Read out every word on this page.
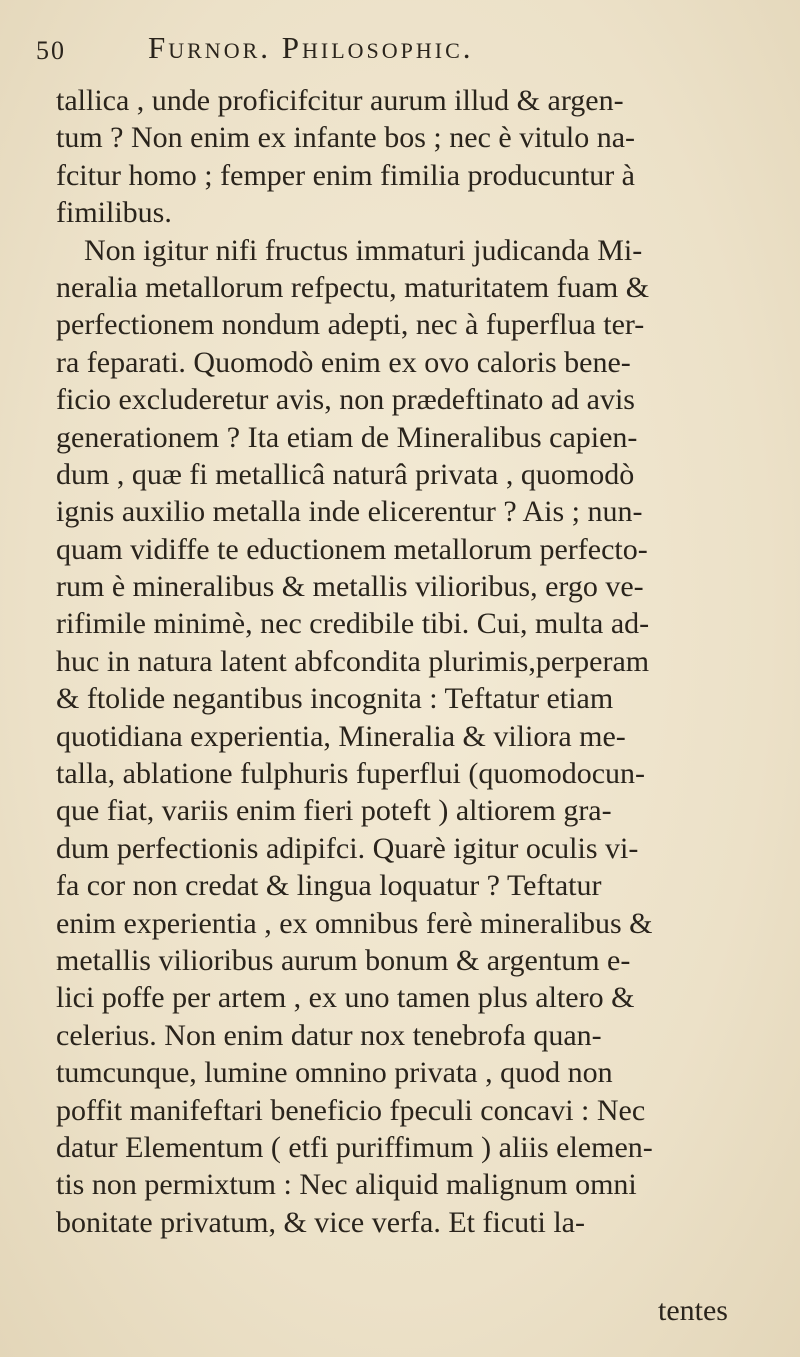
50	Furnor. Philosophic.
tallica , unde proficifcitur aurum illud & argen-
tum ? Non enim ex infante bos ; nec è vitulo na-
fcitur homo ; femper enim fimilia producuntur à
fimilibus.
Non igitur nifi fructus immaturi judicanda Mi-
neralia metallorum refpectu, maturitatem fuam &
perfectionem nondum adepti, nec à fuperflua ter-
ra feparati. Quomodò enim ex ovo caloris bene-
ficio excluderetur avis, non prædeftinato ad avis
generationem ? Ita etiam de Mineralibus capien-
dum , quæ fi metallicâ naturâ privata , quomodò
ignis auxilio metalla inde elicerentur ? Ais ; nun-
quam vidiffe te eductionem metallorum perfecto-
rum è mineralibus & metallis vilioribus, ergo ve-
rifimile minimè, nec credibile tibi. Cui, multa ad-
huc in natura latent abfcondita plurimis,perperam
& ftolide negantibus incognita : Teftatur etiam
quotidiana experientia, Mineralia & viliora me-
talla, ablatione fulphuris fuperflui (quomodocun-
que fiat, variis enim fieri poteft ) altiorem gra-
dum perfectionis adipifci. Quarè igitur oculis vi-
fa cor non credat & lingua loquatur ? Teftatur
enim experientia , ex omnibus ferè mineralibus &
metallis vilioribus aurum bonum & argentum e-
lici poffe per artem , ex uno tamen plus altero &
celerius. Non enim datur nox tenebrofa quan-
tumcunque, lumine omnino privata , quod non
poffit manifeftari beneficio fpeculi concavi : Nec
datur Elementum ( etfi puriffimum ) aliis elemen-
tis non permixtum : Nec aliquid malignum omni
bonitate privatum, & vice verfa. Et ficuti la-
tentes
